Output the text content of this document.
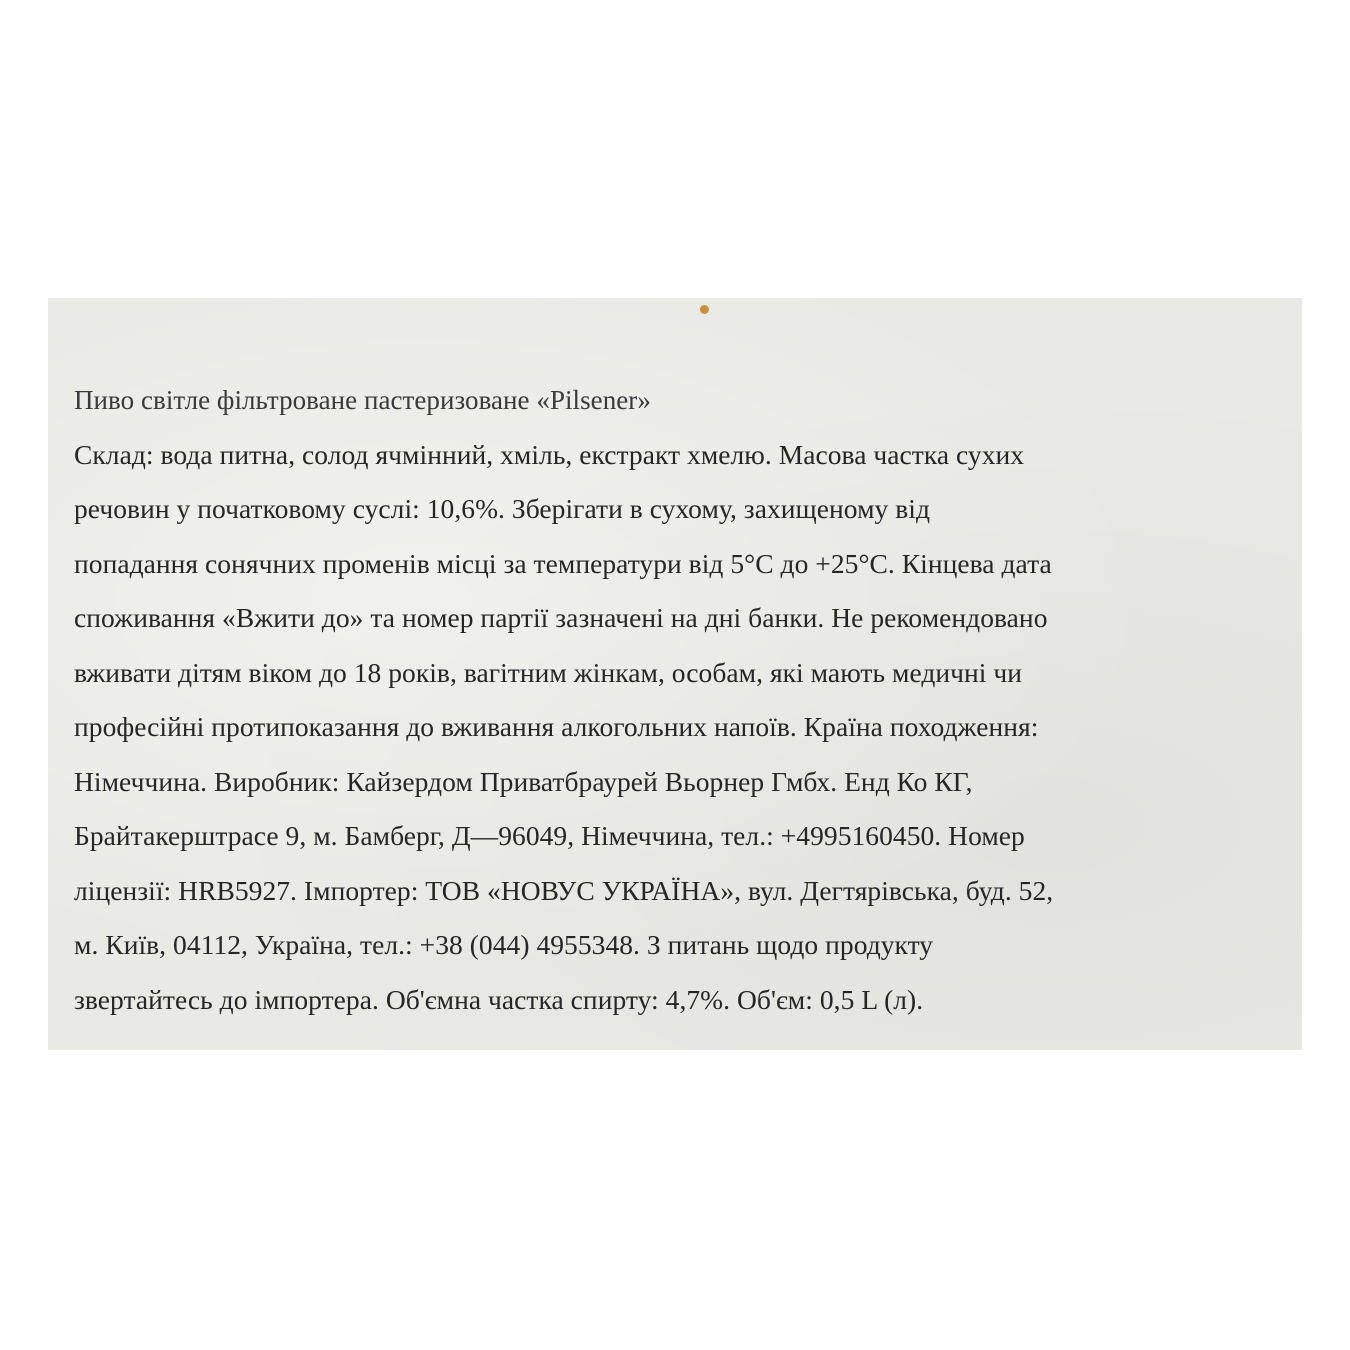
Пиво світле фільтроване пастеризоване «Pilsener»
Склад: вода питна, солод ячмінний, хміль, екстракт хмелю. Масова частка сухих
речовин у початковому суслі: 10,6%. Зберігати в сухому, захищеному від
попадання сонячних променів місці за температури від 5°C до +25°C. Кінцева дата
споживання «Вжити до» та номер партії зазначені на дні банки. Не рекомендовано
вживати дітям віком до 18 років, вагітним жінкам, особам, які мають медичні чи
професійні протипоказання до вживання алкогольних напоїв. Країна походження:
Німеччина. Виробник: Кайзердом Приватбраурей Вьорнер Гмбх. Енд Ко КГ,
Брайтакерштрасе 9, м. Бамберг, Д—96049, Німеччина, тел.: +4995160450. Номер
ліцензії: HRB5927. Імпортер: ТОВ «НОВУС УКРАЇНА», вул. Дегтярівська, буд. 52,
м. Київ, 04112, Україна, тел.: +38 (044) 4955348. З питань щодо продукту
звертайтесь до імпортера. Об'ємна частка спирту: 4,7%. Об'єм: 0,5 L (л).
